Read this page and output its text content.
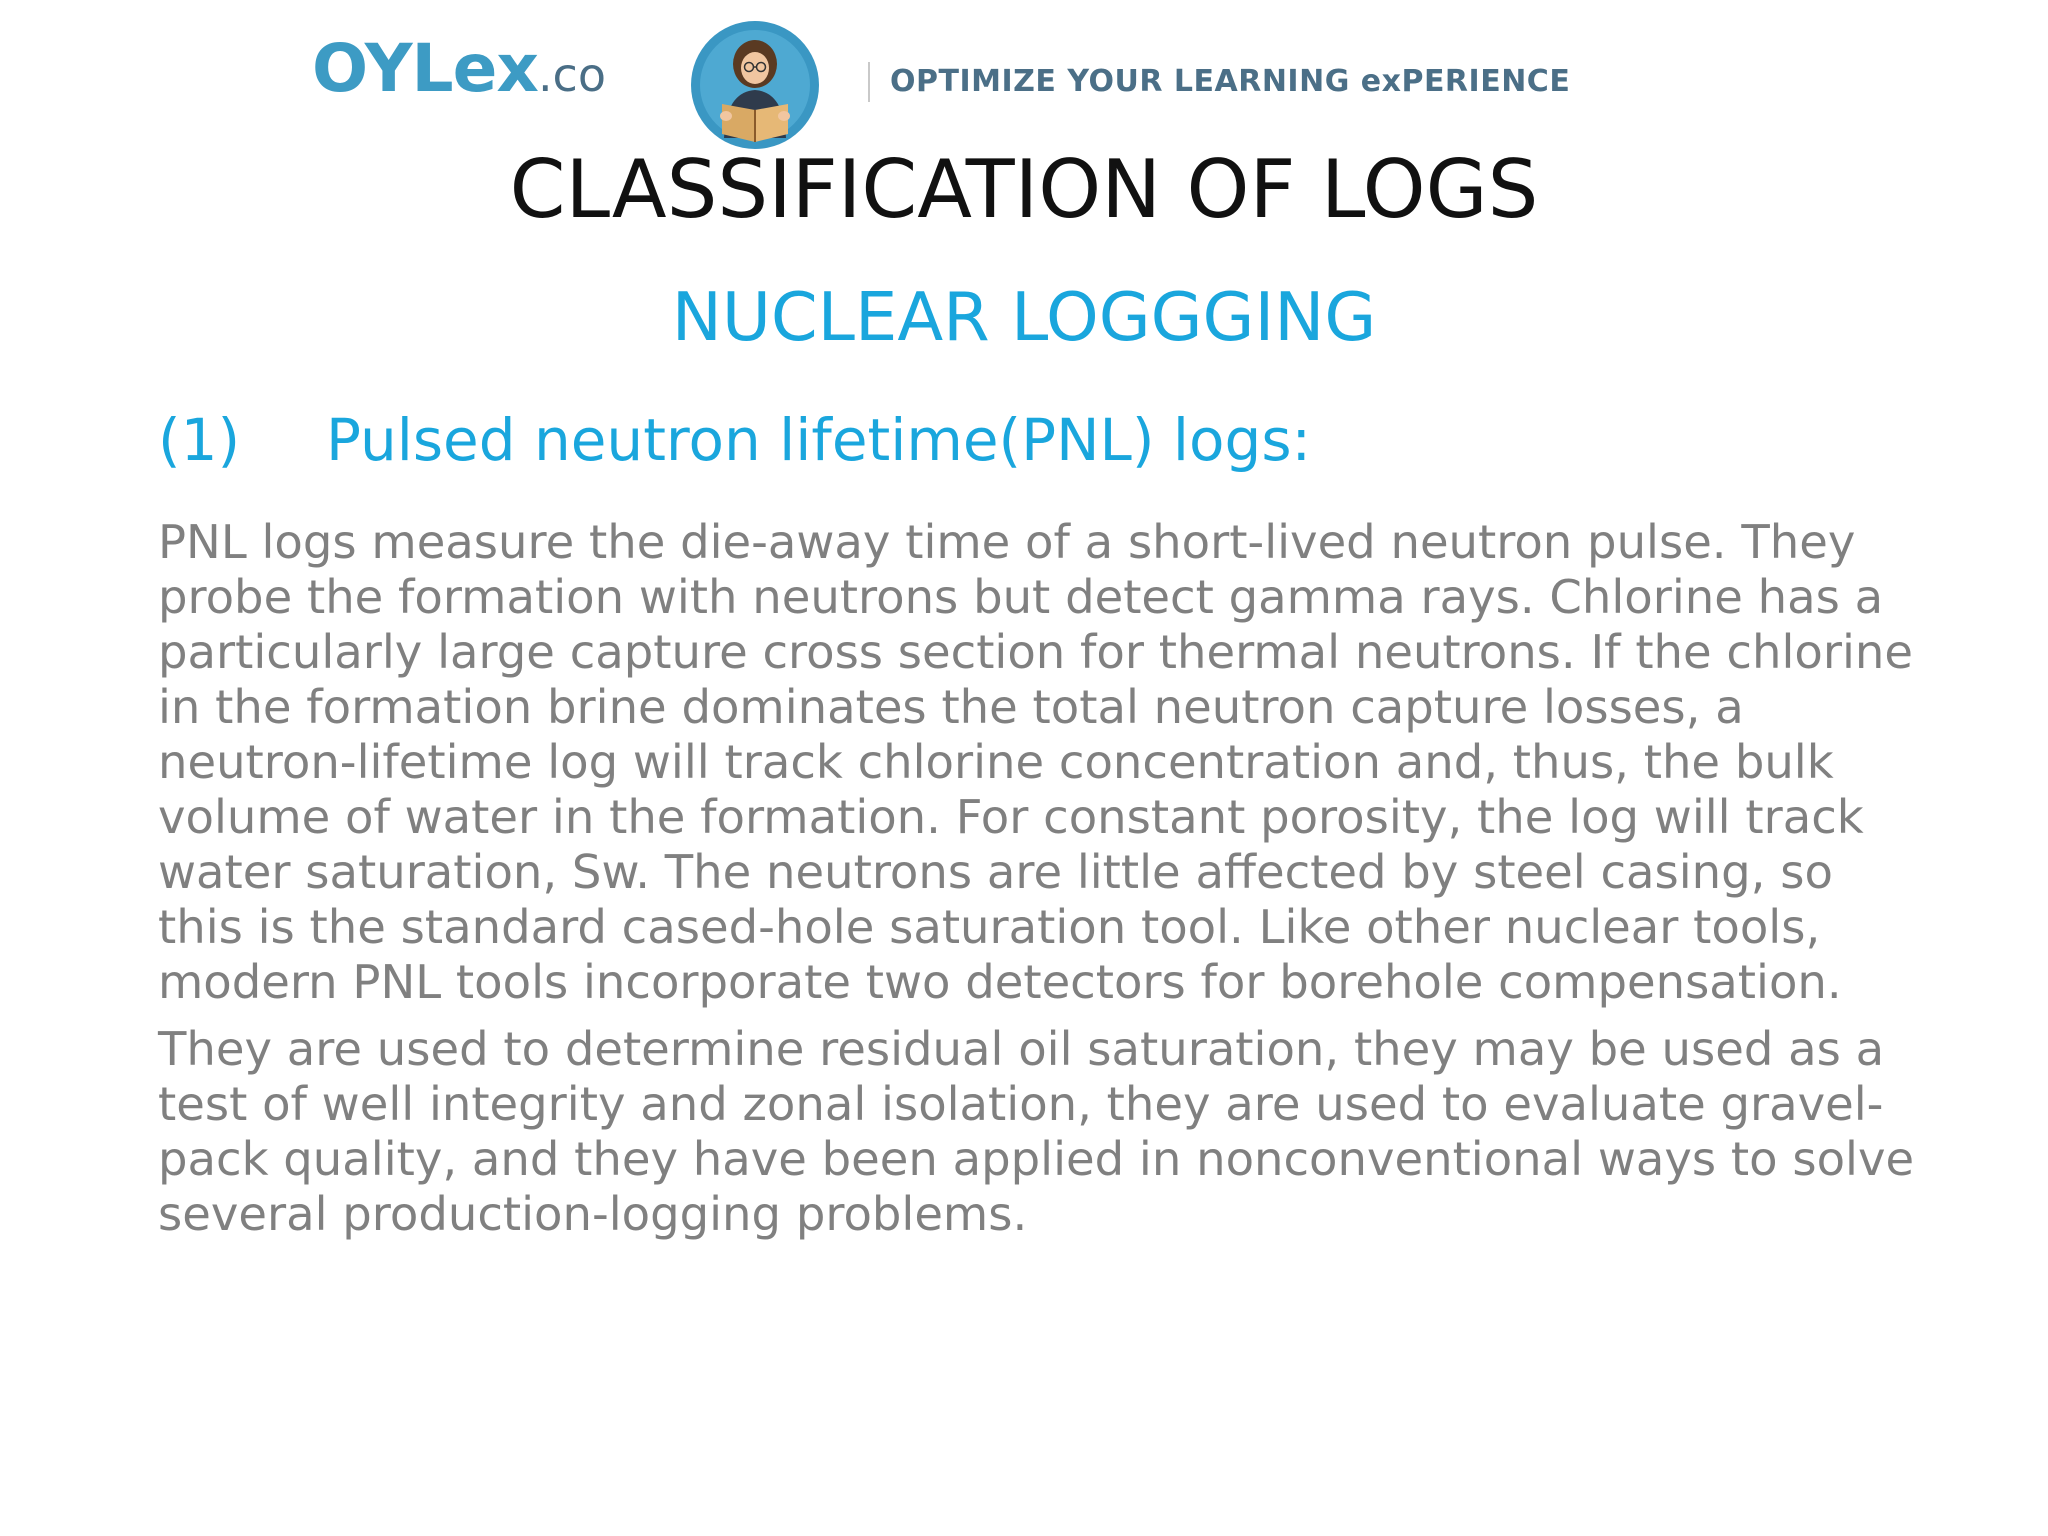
OYLex.co	OPTIMIZE YOUR LEARNING exPERIENCE
CLASSIFICATION OF LOGS
NUCLEAR LOGGGING
(1) Pulsed neutron lifetime(PNL) logs:

PNL logs measure the die-away time of a short-lived neutron pulse. They probe the formation with neutrons but detect gamma rays. Chlorine has a particularly large capture cross section for thermal neutrons. If the chlorine in the formation brine dominates the total neutron capture losses, a neutron-lifetime log will track chlorine concentration and, thus, the bulk volume of water in the formation. For constant porosity, the log will track water saturation, Sw. The neutrons are little affected by steel casing, so this is the standard cased-hole saturation tool. Like other nuclear tools, modern PNL tools incorporate two detectors for borehole compensation.

They are used to determine residual oil saturation, they may be used as a test of well integrity and zonal isolation, they are used to evaluate gravel-pack quality, and they have been applied in nonconventional ways to solve several production-logging problems.
